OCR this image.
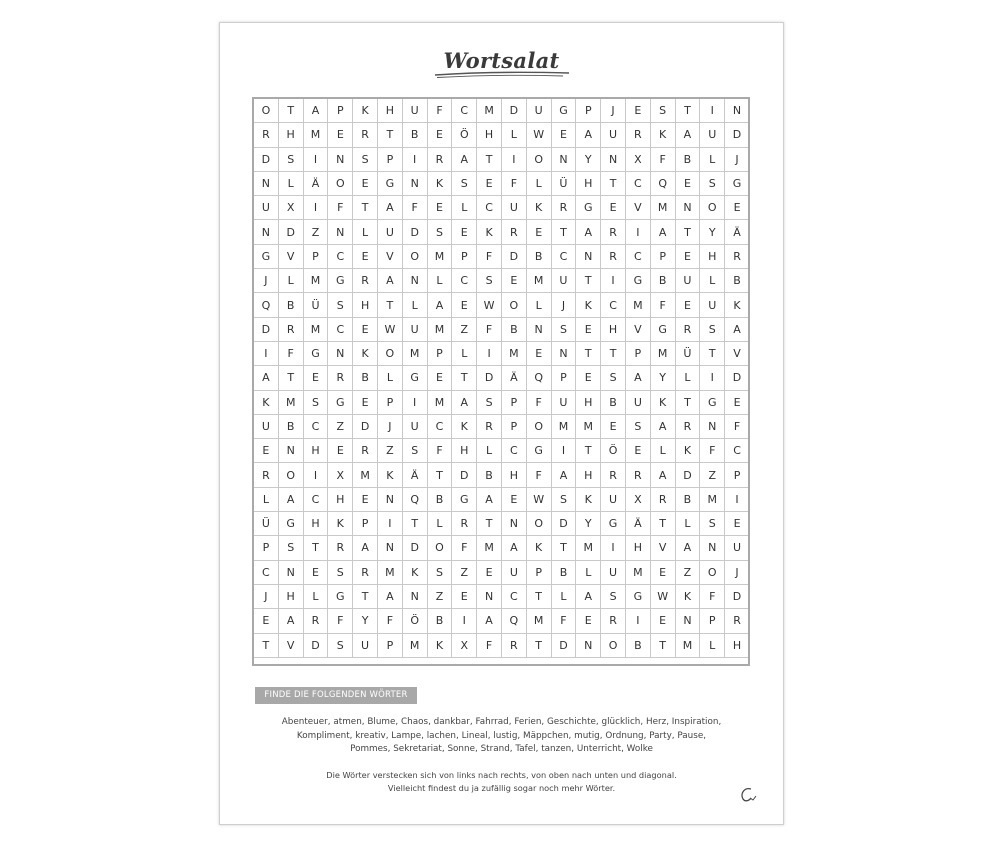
Wortsalat
O	T	A	P	K	H	U	F	C	M	D	U	G	P	J	E	S	T	I	N
R	H	M	E	R	T	B	E	Ö	H	L	W	E	A	U	R	K	A	U	D
D	S	I	N	S	P	I	R	A	T	I	O	N	Y	N	X	F	B	L	J
N	L	Ä	O	E	G	N	K	S	E	F	L	Ü	H	T	C	Q	E	S	G
U	X	I	F	T	A	F	E	L	C	U	K	R	G	E	V	M	N	O	E
N	D	Z	N	L	U	D	S	E	K	R	E	T	A	R	I	A	T	Y	Ä
G	V	P	C	E	V	O	M	P	F	D	B	C	N	R	C	P	E	H	R
J	L	M	G	R	A	N	L	C	S	E	M	U	T	I	G	B	U	L	B
Q	B	Ü	S	H	T	L	A	E	W	O	L	J	K	C	M	F	E	U	K
D	R	M	C	E	W	U	M	Z	F	B	N	S	E	H	V	G	R	S	A
I	F	G	N	K	O	M	P	L	I	M	E	N	T	T	P	M	Ü	T	V
A	T	E	R	B	L	G	E	T	D	Ä	Q	P	E	S	A	Y	L	I	D
K	M	S	G	E	P	I	M	A	S	P	F	U	H	B	U	K	T	G	E
U	B	C	Z	D	J	U	C	K	R	P	O	M	M	E	S	A	R	N	F
E	N	H	E	R	Z	S	F	H	L	C	G	I	T	Ö	E	L	K	F	C
R	O	I	X	M	K	Ä	T	D	B	H	F	A	H	R	R	A	D	Z	P
L	A	C	H	E	N	Q	B	G	A	E	W	S	K	U	X	R	B	M	I
Ü	G	H	K	P	I	T	L	R	T	N	O	D	Y	G	Ä	T	L	S	E
P	S	T	R	A	N	D	O	F	M	A	K	T	M	I	H	V	A	N	U
C	N	E	S	R	M	K	S	Z	E	U	P	B	L	U	M	E	Z	O	J
J	H	L	G	T	A	N	Z	E	N	C	T	L	A	S	G	W	K	F	D
E	A	R	F	Y	F	Ö	B	I	A	Q	M	F	E	R	I	E	N	P	R
T	V	D	S	U	P	M	K	X	F	R	T	D	N	O	B	T	M	L	H
FINDE DIE FOLGENDEN WÖRTER
Abenteuer, atmen, Blume, Chaos, dankbar, Fahrrad, Ferien, Geschichte, glücklich, Herz, Inspiration,
Kompliment, kreativ, Lampe, lachen, Lineal, lustig, Mäppchen, mutig, Ordnung, Party, Pause,
Pommes, Sekretariat, Sonne, Strand, Tafel, tanzen, Unterricht, Wolke
Die Wörter verstecken sich von links nach rechts, von oben nach unten und diagonal.
Vielleicht findest du ja zufällig sogar noch mehr Wörter.
